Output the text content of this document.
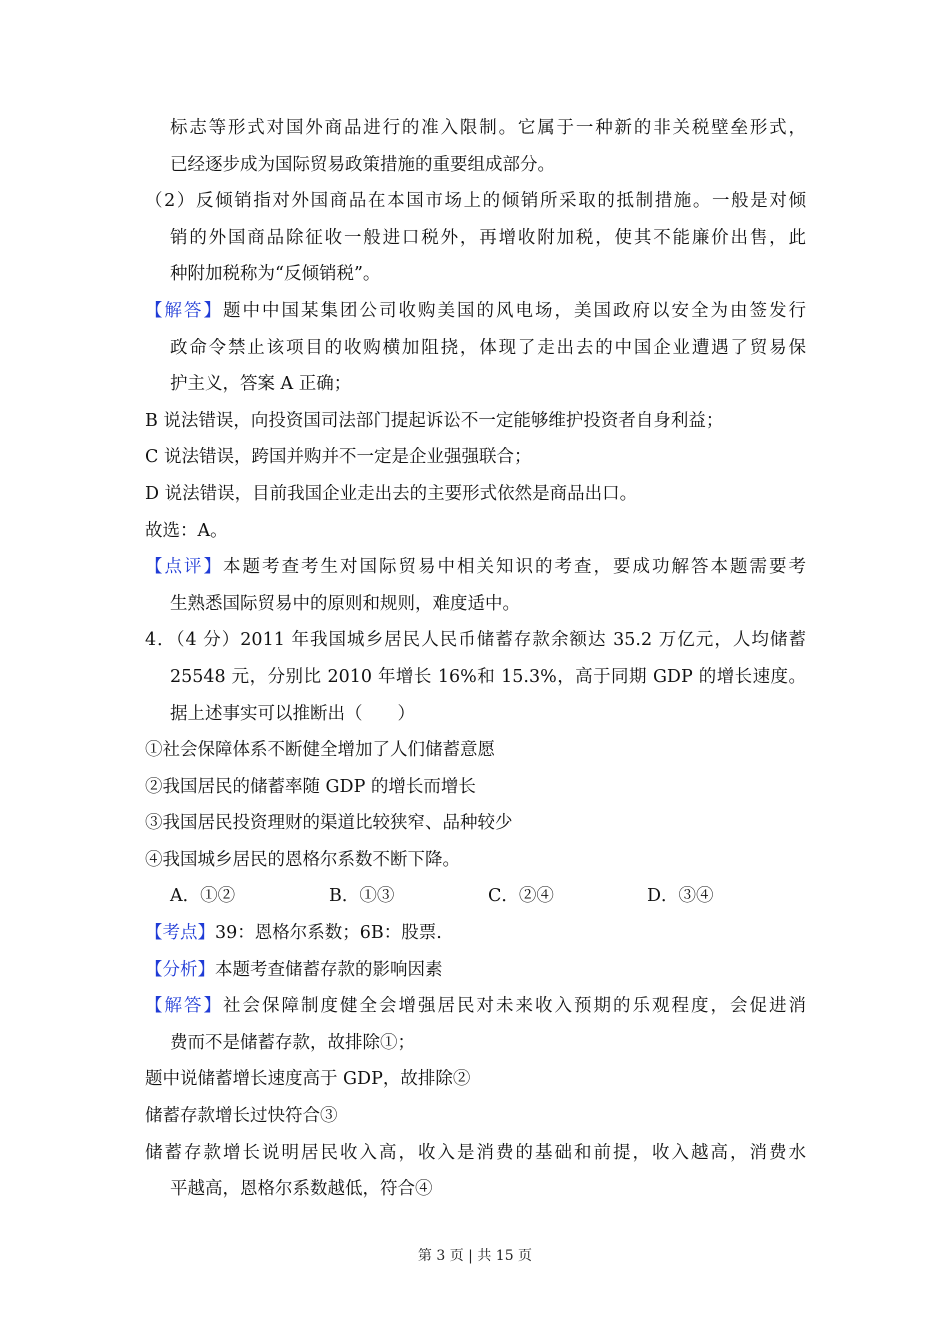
标志等形式对国外商品进行的准入限制。它属于一种新的非关税壁垒形式，
已经逐步成为国际贸易政策措施的重要组成部分。
（2）反倾销指对外国商品在本国市场上的倾销所采取的抵制措施。一般是对倾
销的外国商品除征收一般进口税外，再增收附加税，使其不能廉价出售，此
种附加税称为“反倾销税”。
【解答】题中中国某集团公司收购美国的风电场，美国政府以安全为由签发行
政命令禁止该项目的收购横加阻挠，体现了走出去的中国企业遭遇了贸易保
护主义，答案 A 正确；
B 说法错误，向投资国司法部门提起诉讼不一定能够维护投资者自身利益；
C 说法错误，跨国并购并不一定是企业强强联合；
D 说法错误，目前我国企业走出去的主要形式依然是商品出口。
故选：A。
【点评】本题考查考生对国际贸易中相关知识的考查，要成功解答本题需要考
生熟悉国际贸易中的原则和规则，难度适中。
4．（4 分）2011 年我国城乡居民人民币储蓄存款余额达 35.2 万亿元，人均储蓄
25548 元，分别比 2010 年增长 16%和 15.3%，高于同期 GDP 的增长速度。
据上述事实可以推断出（　　）
①社会保障体系不断健全增加了人们储蓄意愿
②我国居民的储蓄率随 GDP 的增长而增长
③我国居民投资理财的渠道比较狭窄、品种较少
④我国城乡居民的恩格尔系数不断下降。
A．①②	B．①③	C．②④	D．③④
【考点】39：恩格尔系数；6B：股票.
【分析】本题考查储蓄存款的影响因素
【解答】社会保障制度健全会增强居民对未来收入预期的乐观程度，会促进消
费而不是储蓄存款，故排除①；
题中说储蓄增长速度高于 GDP，故排除②
储蓄存款增长过快符合③
储蓄存款增长说明居民收入高，收入是消费的基础和前提，收入越高，消费水
平越高，恩格尔系数越低，符合④
第 3 页 | 共 15 页
